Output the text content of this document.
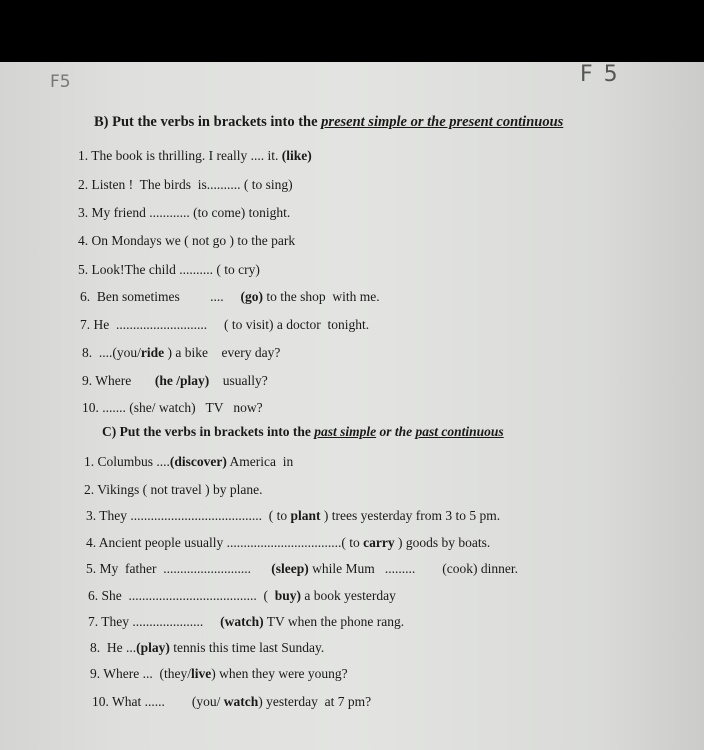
F5	F 5
B) Put the verbs in brackets into the present simple or the present continuous
1. The book is thrilling. I really .... it. (like)
2. Listen !  The birds  is.......... ( to sing)
3. My friend ............ (to come) tonight.
4. On Mondays we ( not go ) to the park
5. Look!The child .......... ( to cry)
6.  Ben sometimes         ....     (go) to the shop  with me.
7. He  ...........................     ( to visit) a doctor  tonight.
8.  ....(you/ride ) a bike    every day?
9. Where       (he /play)    usually?
10. ....... (she/ watch)   TV   now?
C) Put the verbs in brackets into the past simple or the past continuous
1. Columbus ....(discover) America  in
2. Vikings ( not travel ) by plane.
3. They .......................................  ( to plant ) trees yesterday from 3 to 5 pm.
4. Ancient people usually ..................................( to carry ) goods by boats.
5. My  father  ..........................      (sleep) while Mum   .........        (cook) dinner.
6. She  ......................................  (  buy) a book yesterday
7. They .....................     (watch) TV when the phone rang.
8.  He ...(play) tennis this time last Sunday.
9. Where ...  (they/live) when they were young?
10. What ......        (you/ watch) yesterday  at 7 pm?
